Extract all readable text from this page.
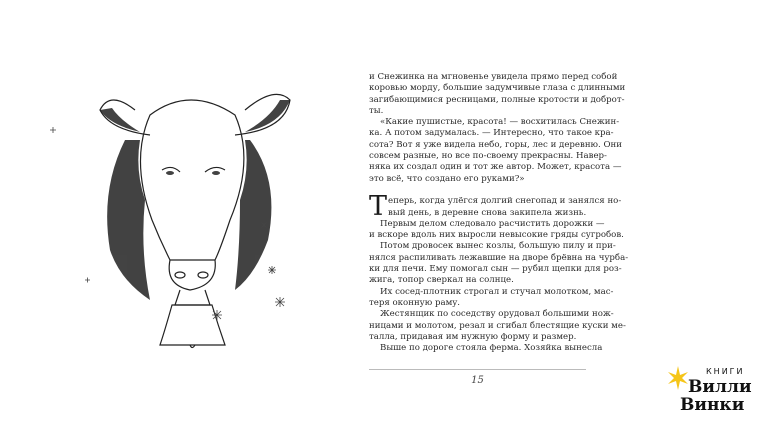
и Снежинка на мгновенье увидела прямо перед собой
коровью морду, большие задумчивые глаза с длинными
загибающимися ресницами, полные кротости и доброт-
ты.
«Какие пушистые, красота! — восхитилась Снежин-
ка. А потом задумалась. — Интересно, что такое кра-
сота? Вот я уже видела небо, горы, лес и деревню. Они
совсем разные, но все по-своему прекрасны. Навер-
няка их создал один и тот же автор. Может, красота —
это всё, что создано его руками?»
Т еперь, когда улёгся долгий снегопад и занялся но-
вый день, в деревне снова закипела жизнь.
Первым делом следовало расчистить дорожки —
и вскоре вдоль них выросли невысокие гряды сугробов.
Потом дровосек вынес козлы, большую пилу и при-
нялся распиливать лежавшие на дворе брёвна на чурба-
ки для печи. Ему помогал сын — рубил щепки для роз-
жига, топор сверкал на солнце.
Их сосед-плотник строгал и стучал молотком, мас-
теря оконную раму.
Жестянщик по соседству орудовал большими нож-
ницами и молотом, резал и сгибал блестящие куски ме-
талла, придавая им нужную форму и размер.
Выше по дороге стояла ферма. Хозяйка вынесла
15
КНИГИ
Вилли
Винки
